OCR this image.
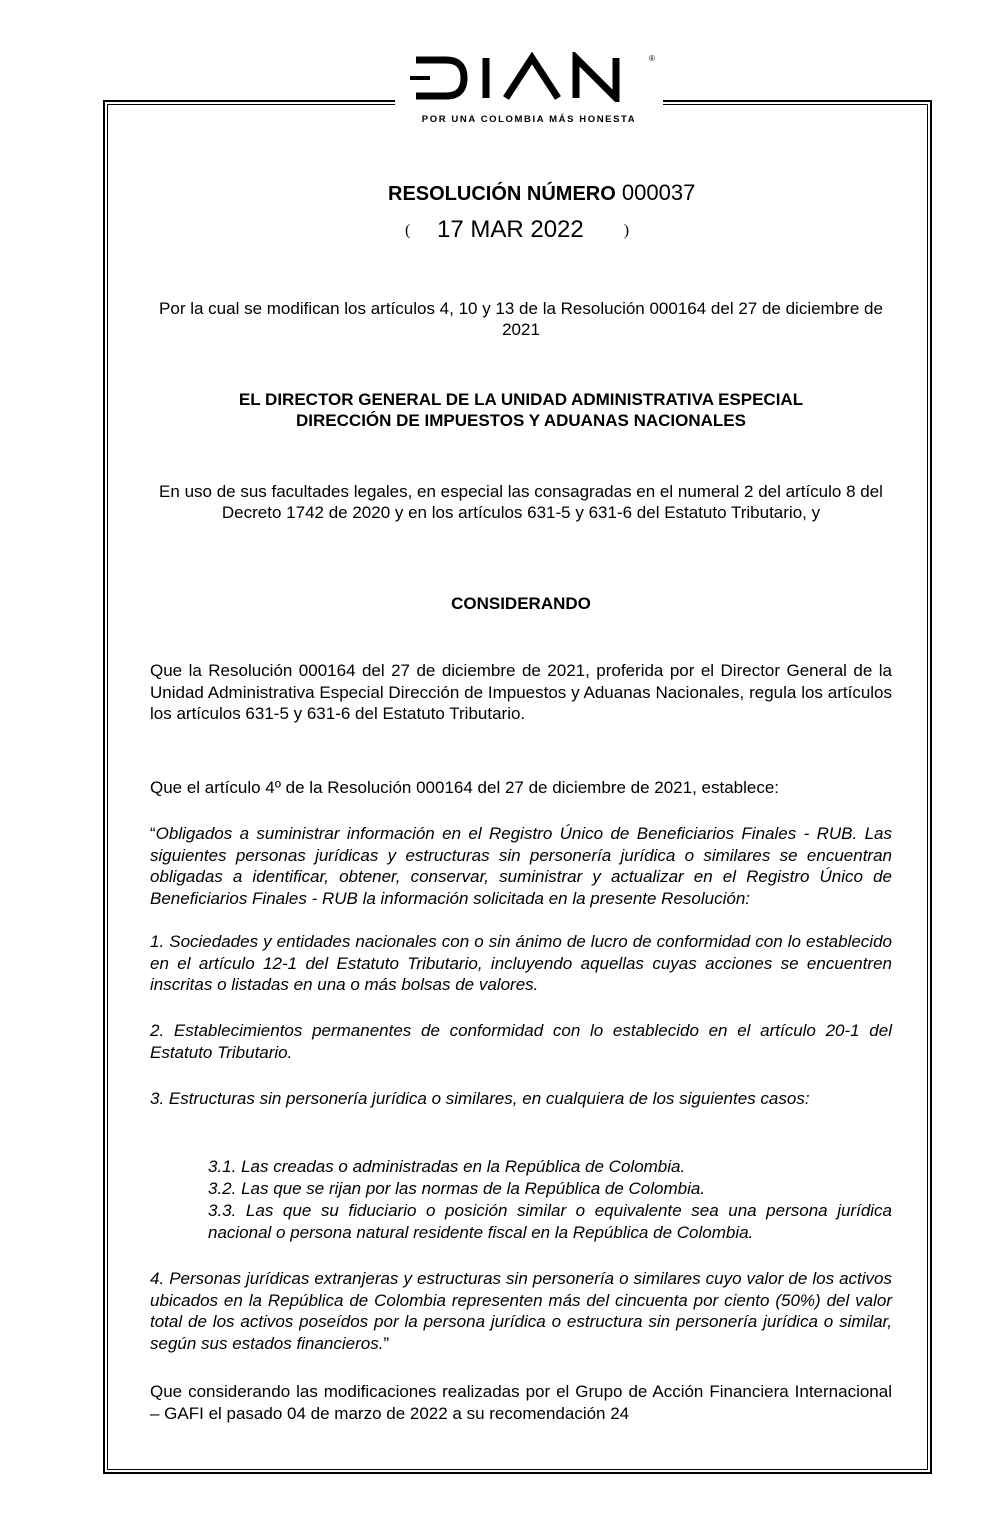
®
POR UNA COLOMBIA MÁS HONESTA
RESOLUCIÓN NÚMERO 000037
( 17 MAR 2022	)
Por la cual se modifican los artículos 4, 10 y 13 de la Resolución 000164 del 27 de diciembre de 2021
EL DIRECTOR GENERAL DE LA UNIDAD ADMINISTRATIVA ESPECIAL
DIRECCIÓN DE IMPUESTOS Y ADUANAS NACIONALES
En uso de sus facultades legales, en especial las consagradas en el numeral 2 del artículo 8 del Decreto 1742 de 2020 y en los artículos 631-5 y 631-6 del Estatuto Tributario, y
CONSIDERANDO
Que la Resolución 000164 del 27 de diciembre de 2021, proferida por el Director General de la Unidad Administrativa Especial Dirección de Impuestos y Aduanas Nacionales, regula los artículos los artículos 631-5 y 631-6 del Estatuto Tributario.
Que el artículo 4º de la Resolución 000164 del 27 de diciembre de 2021, establece:
“Obligados a suministrar información en el Registro Único de Beneficiarios Finales - RUB. Las siguientes personas jurídicas y estructuras sin personería jurídica o similares se encuentran obligadas a identificar, obtener, conservar, suministrar y actualizar en el Registro Único de Beneficiarios Finales - RUB la información solicitada en la presente Resolución:
1. Sociedades y entidades nacionales con o sin ánimo de lucro de conformidad con lo establecido en el artículo 12-1 del Estatuto Tributario, incluyendo aquellas cuyas acciones se encuentren inscritas o listadas en una o más bolsas de valores.
2. Establecimientos permanentes de conformidad con lo establecido en el artículo 20-1 del Estatuto Tributario.
3. Estructuras sin personería jurídica o similares, en cualquiera de los siguientes casos:
3.1. Las creadas o administradas en la República de Colombia.
3.2. Las que se rijan por las normas de la República de Colombia.
3.3. Las que su fiduciario o posición similar o equivalente sea una persona jurídica nacional o persona natural residente fiscal en la República de Colombia.
4. Personas jurídicas extranjeras y estructuras sin personería o similares cuyo valor de los activos ubicados en la República de Colombia representen más del cincuenta por ciento (50%) del valor total de los activos poseídos por la persona jurídica o estructura sin personería jurídica o similar, según sus estados financieros.”
Que considerando las modificaciones realizadas por el Grupo de Acción Financiera Internacional – GAFI el pasado 04 de marzo de 2022 a su recomendación 24
